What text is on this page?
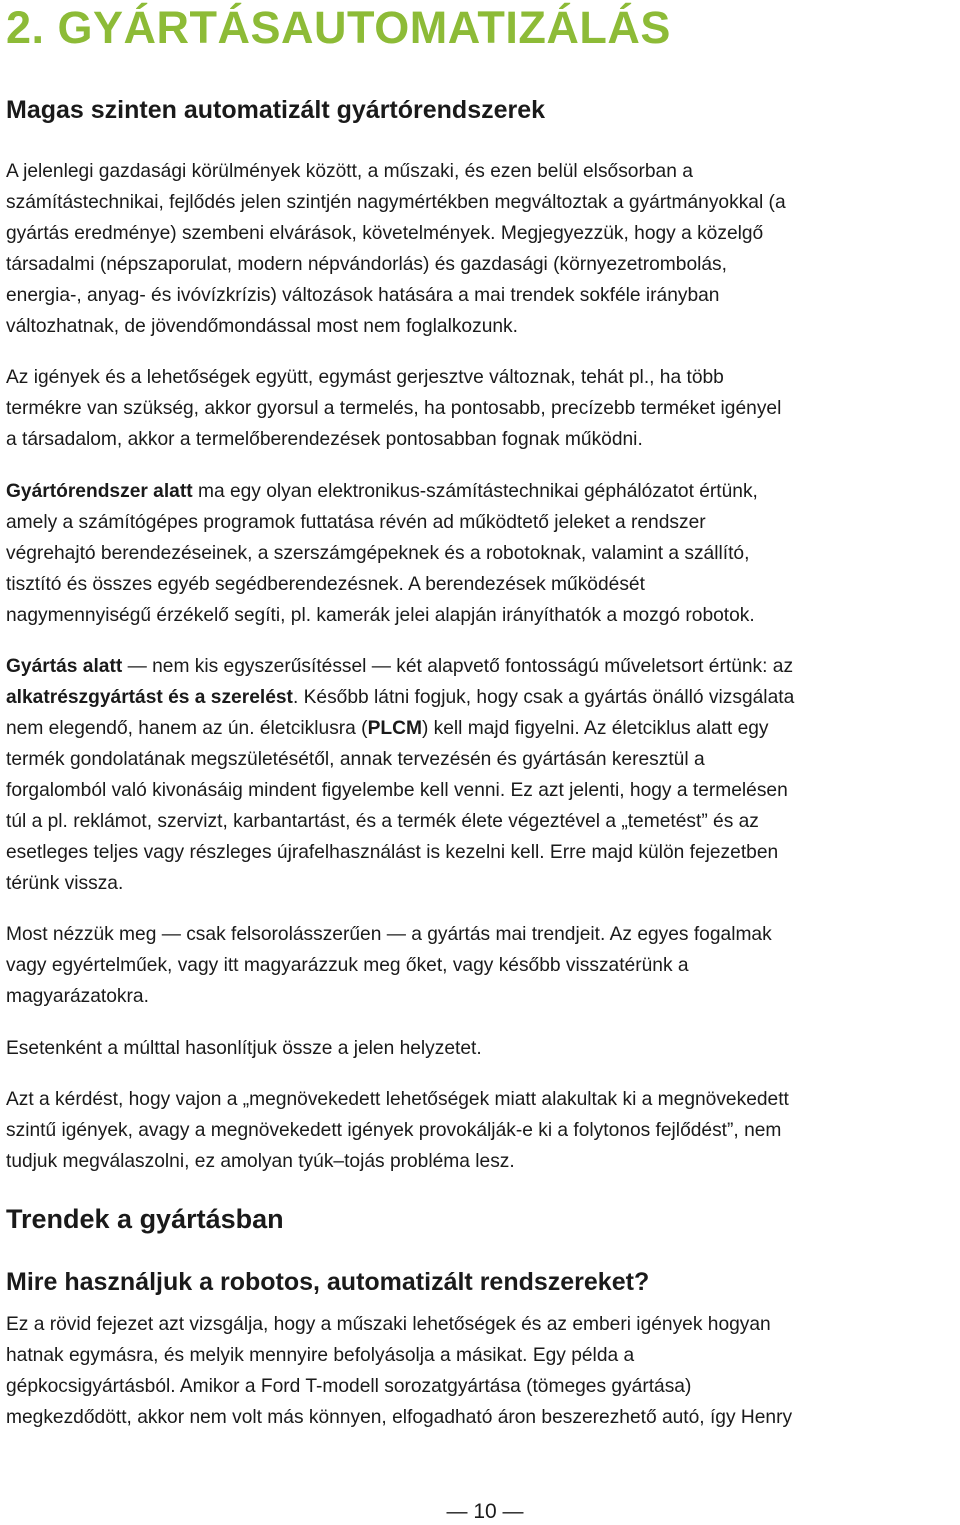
2. GYÁRTÁSAUTOMATIZÁLÁS
Magas szinten automatizált gyártórendszerek

A jelenlegi gazdasági körülmények között, a műszaki, és ezen belül elsősorban a
számítástechnikai, fejlődés jelen szintjén nagymértékben megváltoztak a gyártmányokkal (a
gyártás eredménye) szembeni elvárások, követelmények. Megjegyezzük, hogy a közelgő
társadalmi (népszaporulat, modern népvándorlás) és gazdasági (környezetrombolás,
energia-, anyag- és ivóvízkrízis) változások hatására a mai trendek sokféle irányban
változhatnak, de jövendőmondással most nem foglalkozunk.

Az igények és a lehetőségek együtt, egymást gerjesztve változnak, tehát pl., ha több
termékre van szükség, akkor gyorsul a termelés, ha pontosabb, precízebb terméket igényel
a társadalom, akkor a termelőberendezések pontosabban fognak működni.

Gyártórendszer alatt ma egy olyan elektronikus-számítástechnikai géphálózatot értünk,
amely a számítógépes programok futtatása révén ad működtető jeleket a rendszer
végrehajtó berendezéseinek, a szerszámgépeknek és a robotoknak, valamint a szállító,
tisztító és összes egyéb segédberendezésnek. A berendezések működését
nagymennyiségű érzékelő segíti, pl. kamerák jelei alapján irányíthatók a mozgó robotok.

Gyártás alatt — nem kis egyszerűsítéssel — két alapvető fontosságú műveletsort értünk: az
alkatrészgyártást és a szerelést. Később látni fogjuk, hogy csak a gyártás önálló vizsgálata
nem elegendő, hanem az ún. életciklusra (PLCM) kell majd figyelni. Az életciklus alatt egy
termék gondolatának megszületésétől, annak tervezésén és gyártásán keresztül a
forgalomból való kivonásáig mindent figyelembe kell venni. Ez azt jelenti, hogy a termelésen
túl a pl. reklámot, szervizt, karbantartást, és a termék élete végeztével a „temetést” és az
esetleges teljes vagy részleges újrafelhasználást is kezelni kell. Erre majd külön fejezetben
térünk vissza.

Most nézzük meg — csak felsorolásszerűen — a gyártás mai trendjeit. Az egyes fogalmak
vagy egyértelműek, vagy itt magyarázzuk meg őket, vagy később visszatérünk a
magyarázatokra.

Esetenként a múlttal hasonlítjuk össze a jelen helyzetet.

Azt a kérdést, hogy vajon a „megnövekedett lehetőségek miatt alakultak ki a megnövekedett
szintű igények, avagy a megnövekedett igények provokálják-e ki a folytonos fejlődést”, nem
tudjuk megválaszolni, ez amolyan tyúk–tojás probléma lesz.

Trendek a gyártásban
Mire használjuk a robotos, automatizált rendszereket?

Ez a rövid fejezet azt vizsgálja, hogy a műszaki lehetőségek és az emberi igények hogyan
hatnak egymásra, és melyik mennyire befolyásolja a másikat. Egy példa a
gépkocsigyártásból. Amikor a Ford T-modell sorozatgyártása (tömeges gyártása)
megkezdődött, akkor nem volt más könnyen, elfogadható áron beszerezhető autó, így Henry

— 10 —
